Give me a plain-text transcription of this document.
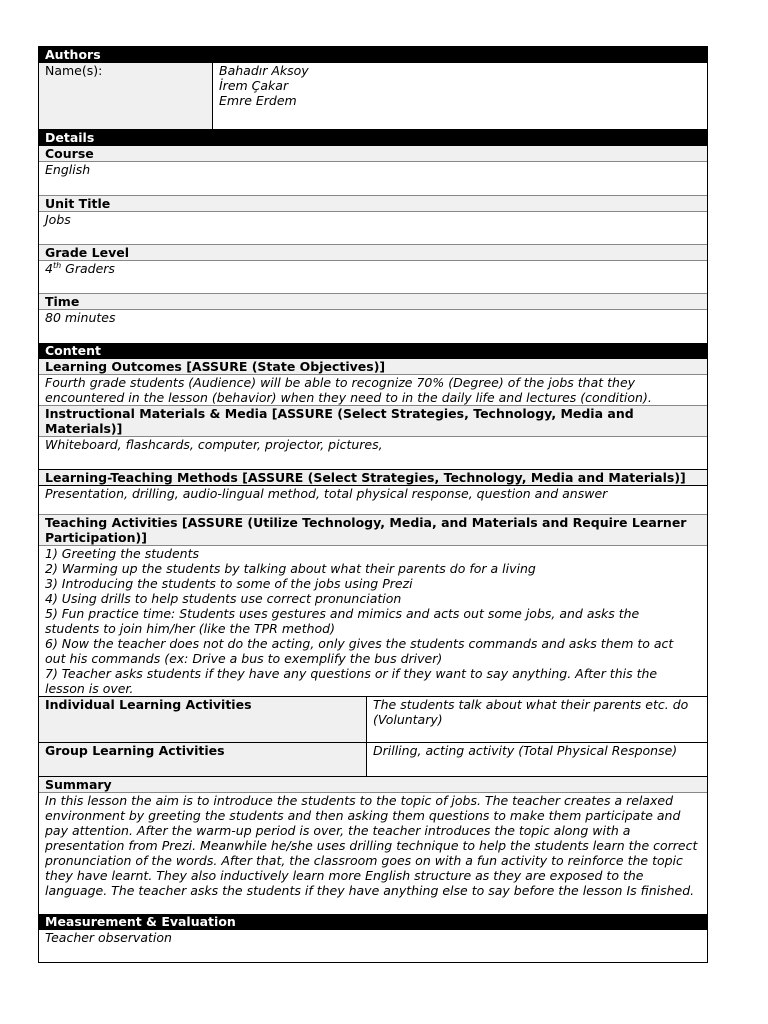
Authors
Name(s):	Bahadır Aksoy
İrem Çakar
Emre Erdem
Details
Course
English
Unit Title
Jobs
Grade Level
4th Graders
Time
80 minutes
Content
Learning Outcomes [ASSURE (State Objectives)]
Fourth grade students (Audience) will be able to recognize 70% (Degree) of the jobs that they
encountered in the lesson (behavior) when they need to in the daily life and lectures (condition).
Instructional Materials & Media [ASSURE (Select Strategies, Technology, Media and
Materials)]
Whiteboard, flashcards, computer, projector, pictures,
Learning-Teaching Methods [ASSURE (Select Strategies, Technology, Media and Materials)]
Presentation, drilling, audio-lingual method, total physical response, question and answer
Teaching Activities [ASSURE (Utilize Technology, Media, and Materials and Require Learner
Participation)]
1) Greeting the students
2) Warming up the students by talking about what their parents do for a living
3) Introducing the students to some of the jobs using Prezi
4) Using drills to help students use correct pronunciation
5) Fun practice time: Students uses gestures and mimics and acts out some jobs, and asks the
students to join him/her (like the TPR method)
6) Now the teacher does not do the acting, only gives the students commands and asks them to act
out his commands (ex: Drive a bus to exemplify the bus driver)
7) Teacher asks students if they have any questions or if they want to say anything. After this the
lesson is over.
Individual Learning Activities	The students talk about what their parents etc. do
(Voluntary)
Group Learning Activities	Drilling, acting activity (Total Physical Response)
Summary
In this lesson the aim is to introduce the students to the topic of jobs. The teacher creates a relaxed
environment by greeting the students and then asking them questions to make them participate and
pay attention. After the warm-up period is over, the teacher introduces the topic along with a
presentation from Prezi. Meanwhile he/she uses drilling technique to help the students learn the correct
pronunciation of the words. After that, the classroom goes on with a fun activity to reinforce the topic
they have learnt. They also inductively learn more English structure as they are exposed to the
language. The teacher asks the students if they have anything else to say before the lesson Is finished.
Measurement & Evaluation
Teacher observation
